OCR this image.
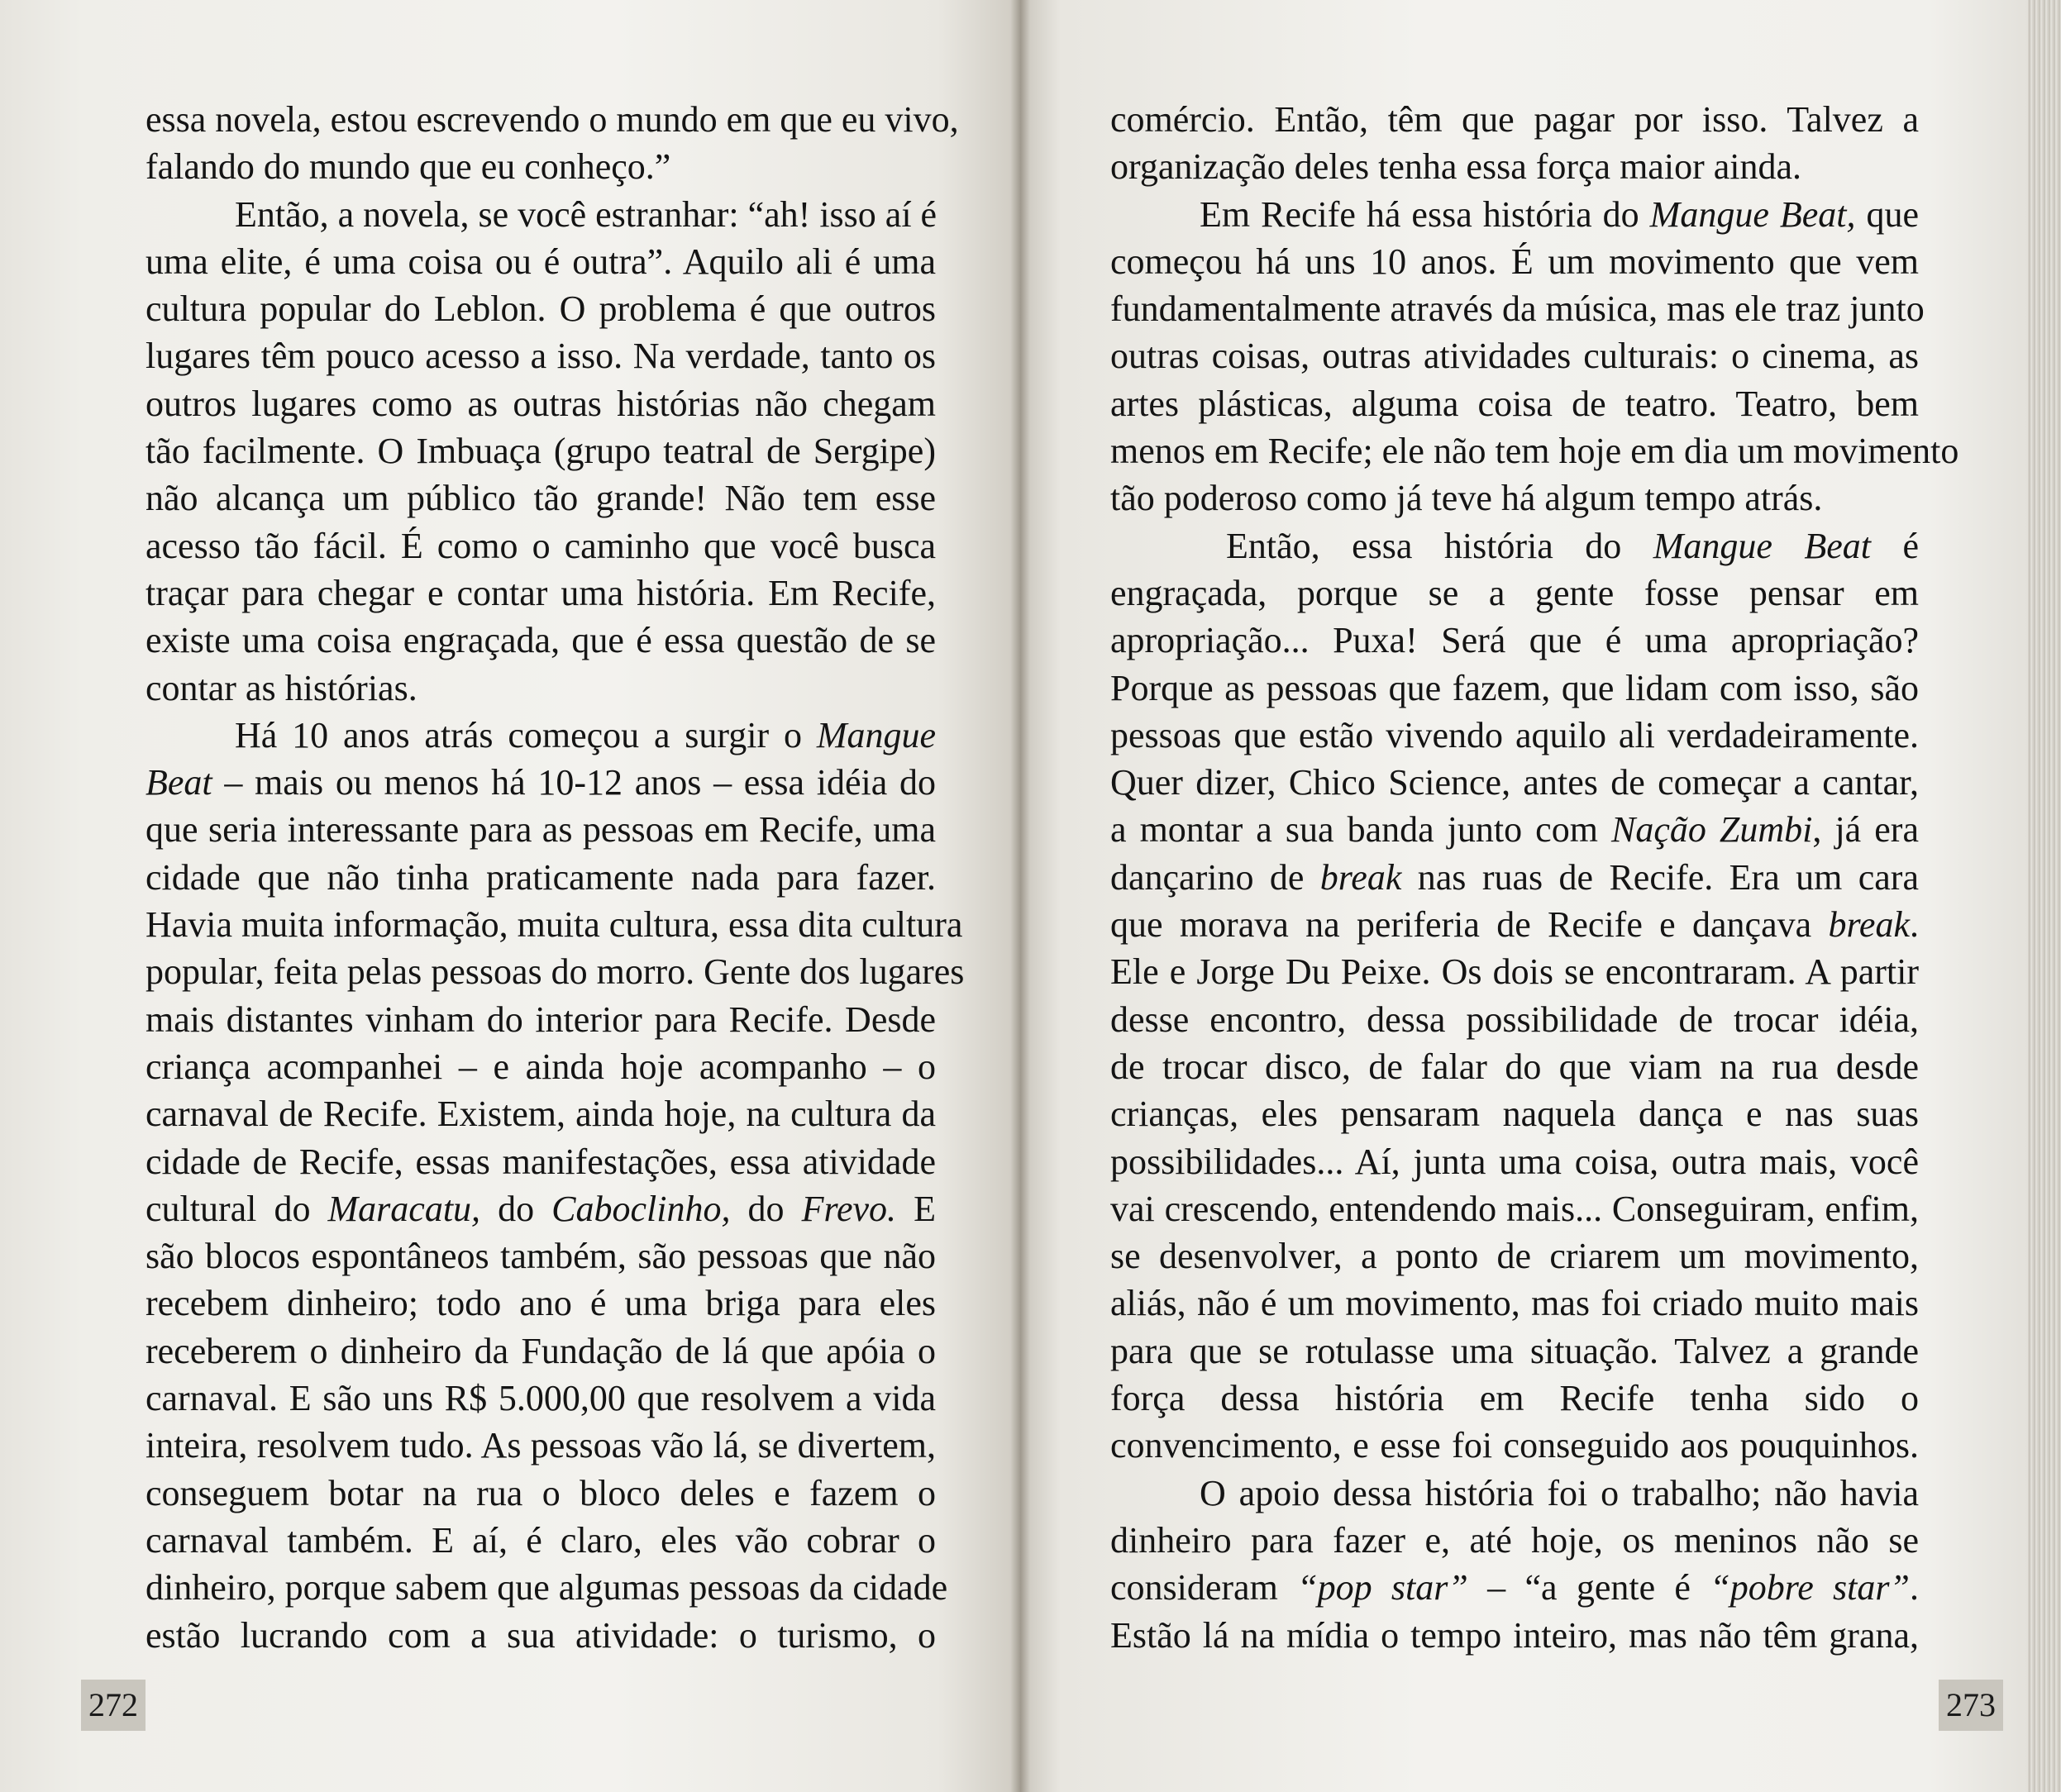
essa novela, estou escrevendo o mundo em que eu vivo,
falando do mundo que eu conheço.”
Então, a novela, se você estranhar: “ah! isso aí é
uma elite, é uma coisa ou é outra”. Aquilo ali é uma
cultura popular do Leblon. O problema é que outros
lugares têm pouco acesso a isso. Na verdade, tanto os
outros lugares como as outras histórias não chegam
tão facilmente. O Imbuaça (grupo teatral de Sergipe)
não alcança um público tão grande! Não tem esse
acesso tão fácil. É como o caminho que você busca
traçar para chegar e contar uma história. Em Recife,
existe uma coisa engraçada, que é essa questão de se
contar as histórias.
Há 10 anos atrás começou a surgir o Mangue
Beat – mais ou menos há 10-12 anos – essa idéia do
que seria interessante para as pessoas em Recife, uma
cidade que não tinha praticamente nada para fazer.
Havia muita informação, muita cultura, essa dita cultura
popular, feita pelas pessoas do morro. Gente dos lugares
mais distantes vinham do interior para Recife. Desde
criança acompanhei – e ainda hoje acompanho – o
carnaval de Recife. Existem, ainda hoje, na cultura da
cidade de Recife, essas manifestações, essa atividade
cultural do Maracatu, do Caboclinho, do Frevo. E
são blocos espontâneos também, são pessoas que não
recebem dinheiro; todo ano é uma briga para eles
receberem o dinheiro da Fundação de lá que apóia o
carnaval. E são uns R$ 5.000,00 que resolvem a vida
inteira, resolvem tudo. As pessoas vão lá, se divertem,
conseguem botar na rua o bloco deles e fazem o
carnaval também. E aí, é claro, eles vão cobrar o
dinheiro, porque sabem que algumas pessoas da cidade
estão lucrando com a sua atividade: o turismo, o
272
comércio. Então, têm que pagar por isso. Talvez a
organização deles tenha essa força maior ainda.
Em Recife há essa história do Mangue Beat, que
começou há uns 10 anos. É um movimento que vem
fundamentalmente através da música, mas ele traz junto
outras coisas, outras atividades culturais: o cinema, as
artes plásticas, alguma coisa de teatro. Teatro, bem
menos em Recife; ele não tem hoje em dia um movimento
tão poderoso como já teve há algum tempo atrás.
Então, essa história do Mangue Beat é
engraçada, porque se a gente fosse pensar em
apropriação... Puxa! Será que é uma apropriação?
Porque as pessoas que fazem, que lidam com isso, são
pessoas que estão vivendo aquilo ali verdadeiramente.
Quer dizer, Chico Science, antes de começar a cantar,
a montar a sua banda junto com Nação Zumbi, já era
dançarino de break nas ruas de Recife. Era um cara
que morava na periferia de Recife e dançava break.
Ele e Jorge Du Peixe. Os dois se encontraram. A partir
desse encontro, dessa possibilidade de trocar idéia,
de trocar disco, de falar do que viam na rua desde
crianças, eles pensaram naquela dança e nas suas
possibilidades... Aí, junta uma coisa, outra mais, você
vai crescendo, entendendo mais... Conseguiram, enfim,
se desenvolver, a ponto de criarem um movimento,
aliás, não é um movimento, mas foi criado muito mais
para que se rotulasse uma situação. Talvez a grande
força dessa história em Recife tenha sido o
convencimento, e esse foi conseguido aos pouquinhos.
O apoio dessa história foi o trabalho; não havia
dinheiro para fazer e, até hoje, os meninos não se
consideram “pop star” – “a gente é “pobre star”.
Estão lá na mídia o tempo inteiro, mas não têm grana,
273
